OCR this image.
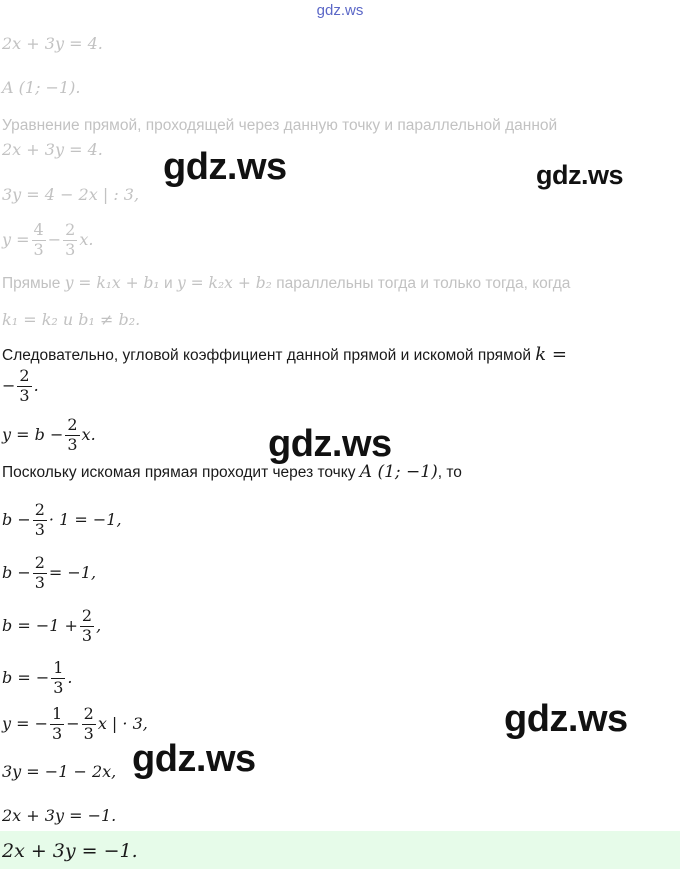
gdz.ws
2x + 3y = 4.
A (1; −1).
Уравнение прямой, проходящей через данную точку и параллельной данной
2x + 3y = 4.
3y = 4 − 2x | : 3,
$y = \frac{4}{3} - \frac{2}{3} x$.
Прямые y = k₁x + b₁ и y = k₂x + b₂ параллельны тогда и только тогда, когда
k₁ = k₂ и b₁ ≠ b₂.
Следовательно, угловой коэффициент данной прямой и искомой прямой k =
− $\frac{2}{3}$ .
$y = b - \frac{2}{3} x$.
Поскольку искомая прямая проходит через точку A (1; −1), то
$b - \frac{2}{3} \cdot 1 = -1$,
$b - \frac{2}{3} = -1$,
$b = -1 + \frac{2}{3}$ ,
b = − $\frac{1}{3}$ .
y = − $\frac{1}{3} - \frac{2}{3}$ x | · 3,
3y = −1 − 2x,
2x + 3y = −1.
2x + 3y = −1.
gdz.ws	gdz.ws
gdz.ws
gdz.ws
gdz.ws
